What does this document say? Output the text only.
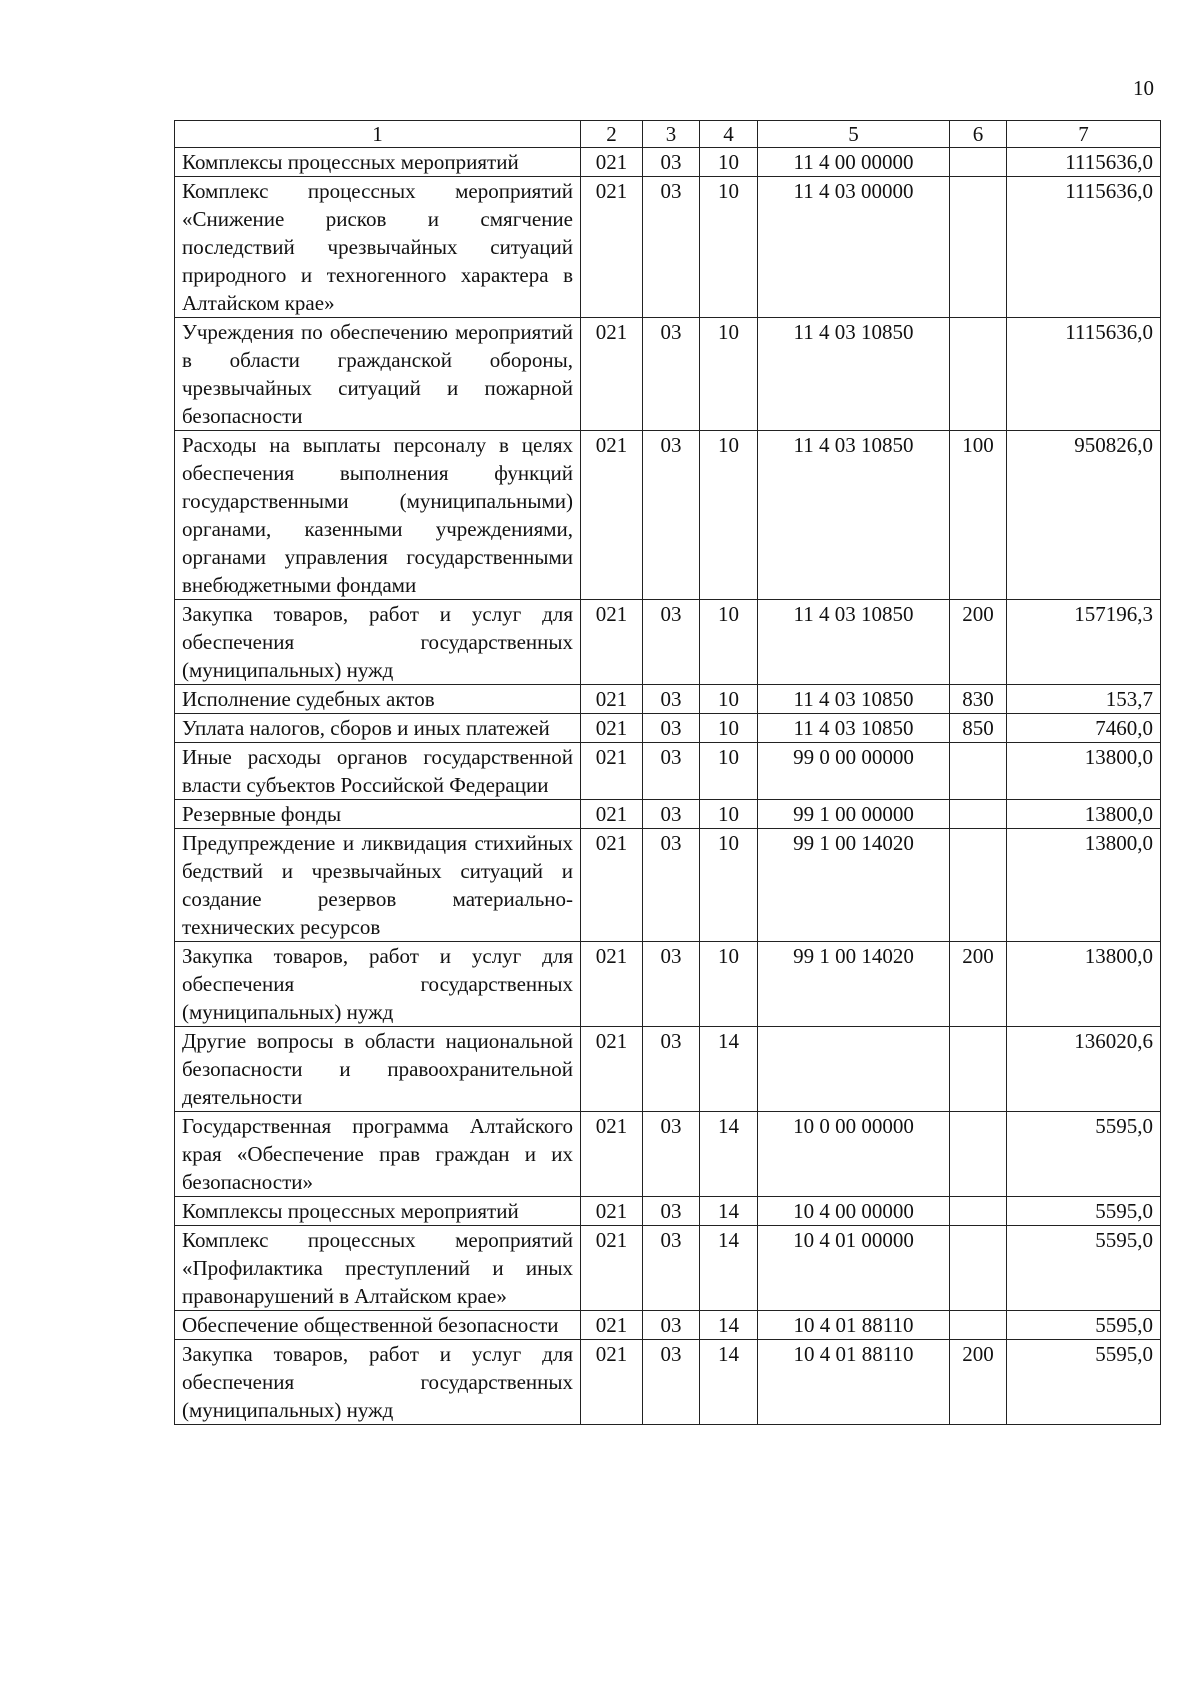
10
1	2	3	4	5	6	7
Комплексы процессных мероприятий	021	03	10	11 4 00 00000		1115636,0
Комплекс процессных мероприятий «Снижение рисков и смягчение последствий чрезвычайных ситуаций природного и техногенного характера в Алтайском крае»	021	03	10	11 4 03 00000		1115636,0
Учреждения по обеспечению мероприятий в области гражданской обороны, чрезвычайных ситуаций и пожарной безопасности	021	03	10	11 4 03 10850		1115636,0
Расходы на выплаты персоналу в целях обеспечения выполнения функций государственными (муниципальными) органами, казенными учреждениями, органами управления государственными внебюджетными фондами	021	03	10	11 4 03 10850	100	950826,0
Закупка товаров, работ и услуг для обеспечения государственных (муниципальных) нужд	021	03	10	11 4 03 10850	200	157196,3
Исполнение судебных актов	021	03	10	11 4 03 10850	830	153,7
Уплата налогов, сборов и иных платежей	021	03	10	11 4 03 10850	850	7460,0
Иные расходы органов государственной власти субъектов Российской Федерации	021	03	10	99 0 00 00000		13800,0
Резервные фонды	021	03	10	99 1 00 00000		13800,0
Предупреждение и ликвидация стихийных бедствий и чрезвычайных ситуаций и создание резервов материально-технических ресурсов	021	03	10	99 1 00 14020		13800,0
Закупка товаров, работ и услуг для обеспечения государственных (муниципальных) нужд	021	03	10	99 1 00 14020	200	13800,0
Другие вопросы в области национальной безопасности и правоохранительной деятельности	021	03	14			136020,6
Государственная программа Алтайского края «Обеспечение прав граждан и их безопасности»	021	03	14	10 0 00 00000		5595,0
Комплексы процессных мероприятий	021	03	14	10 4 00 00000		5595,0
Комплекс процессных мероприятий «Профилактика преступлений и иных правонарушений в Алтайском крае»	021	03	14	10 4 01 00000		5595,0
Обеспечение общественной безопасности	021	03	14	10 4 01 88110		5595,0
Закупка товаров, работ и услуг для обеспечения государственных (муниципальных) нужд	021	03	14	10 4 01 88110	200	5595,0
